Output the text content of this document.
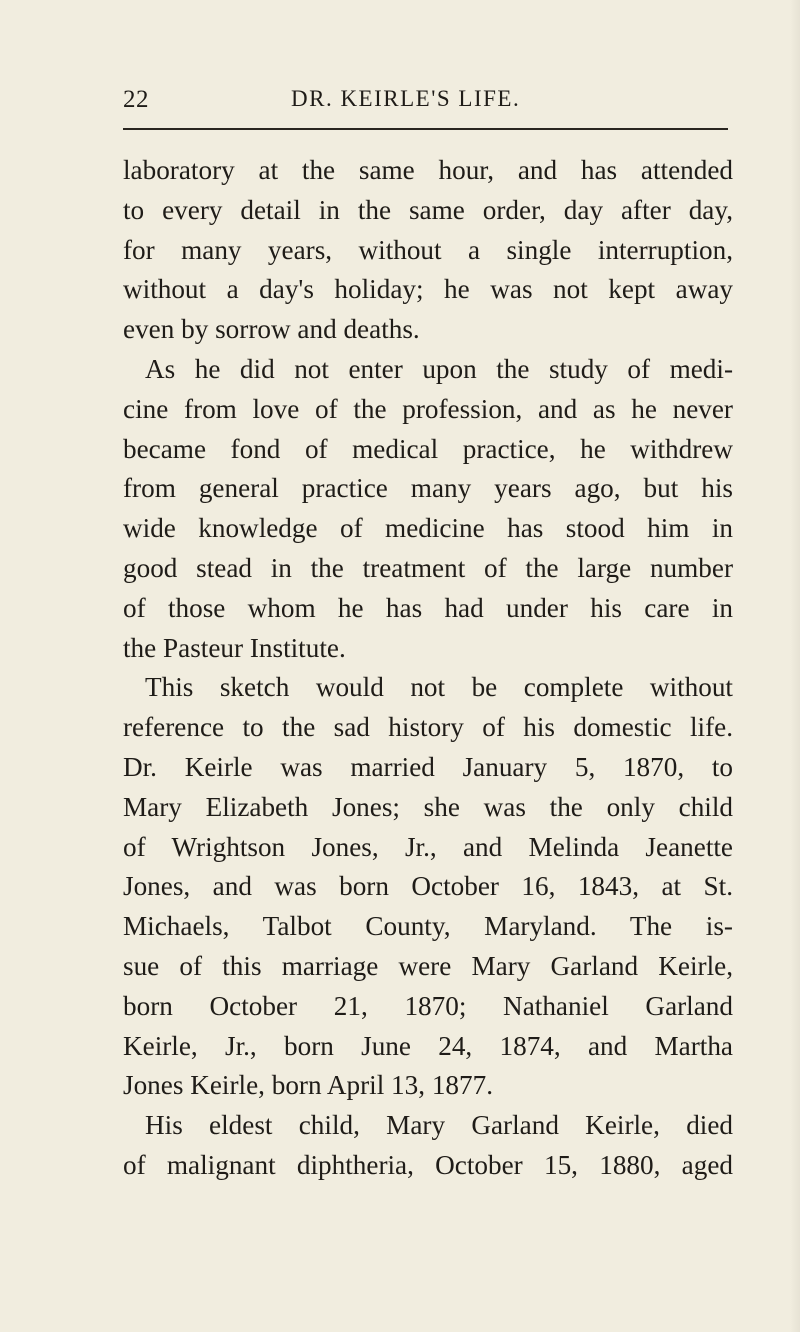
22	DR. KEIRLE'S LIFE.
laboratory at the same hour, and has attended
to every detail in the same order, day after day,
for many years, without a single interruption,
without a day's holiday; he was not kept away
even by sorrow and deaths.
As he did not enter upon the study of medi-
cine from love of the profession, and as he never
became fond of medical practice, he withdrew
from general practice many years ago, but his
wide knowledge of medicine has stood him in
good stead in the treatment of the large number
of those whom he has had under his care in
the Pasteur Institute.
This sketch would not be complete without
reference to the sad history of his domestic life.
Dr. Keirle was married January 5, 1870, to
Mary Elizabeth Jones; she was the only child
of Wrightson Jones, Jr., and Melinda Jeanette
Jones, and was born October 16, 1843, at St.
Michaels, Talbot County, Maryland. The is-
sue of this marriage were Mary Garland Keirle,
born October 21, 1870; Nathaniel Garland
Keirle, Jr., born June 24, 1874, and Martha
Jones Keirle, born April 13, 1877.
His eldest child, Mary Garland Keirle, died
of malignant diphtheria, October 15, 1880, aged
